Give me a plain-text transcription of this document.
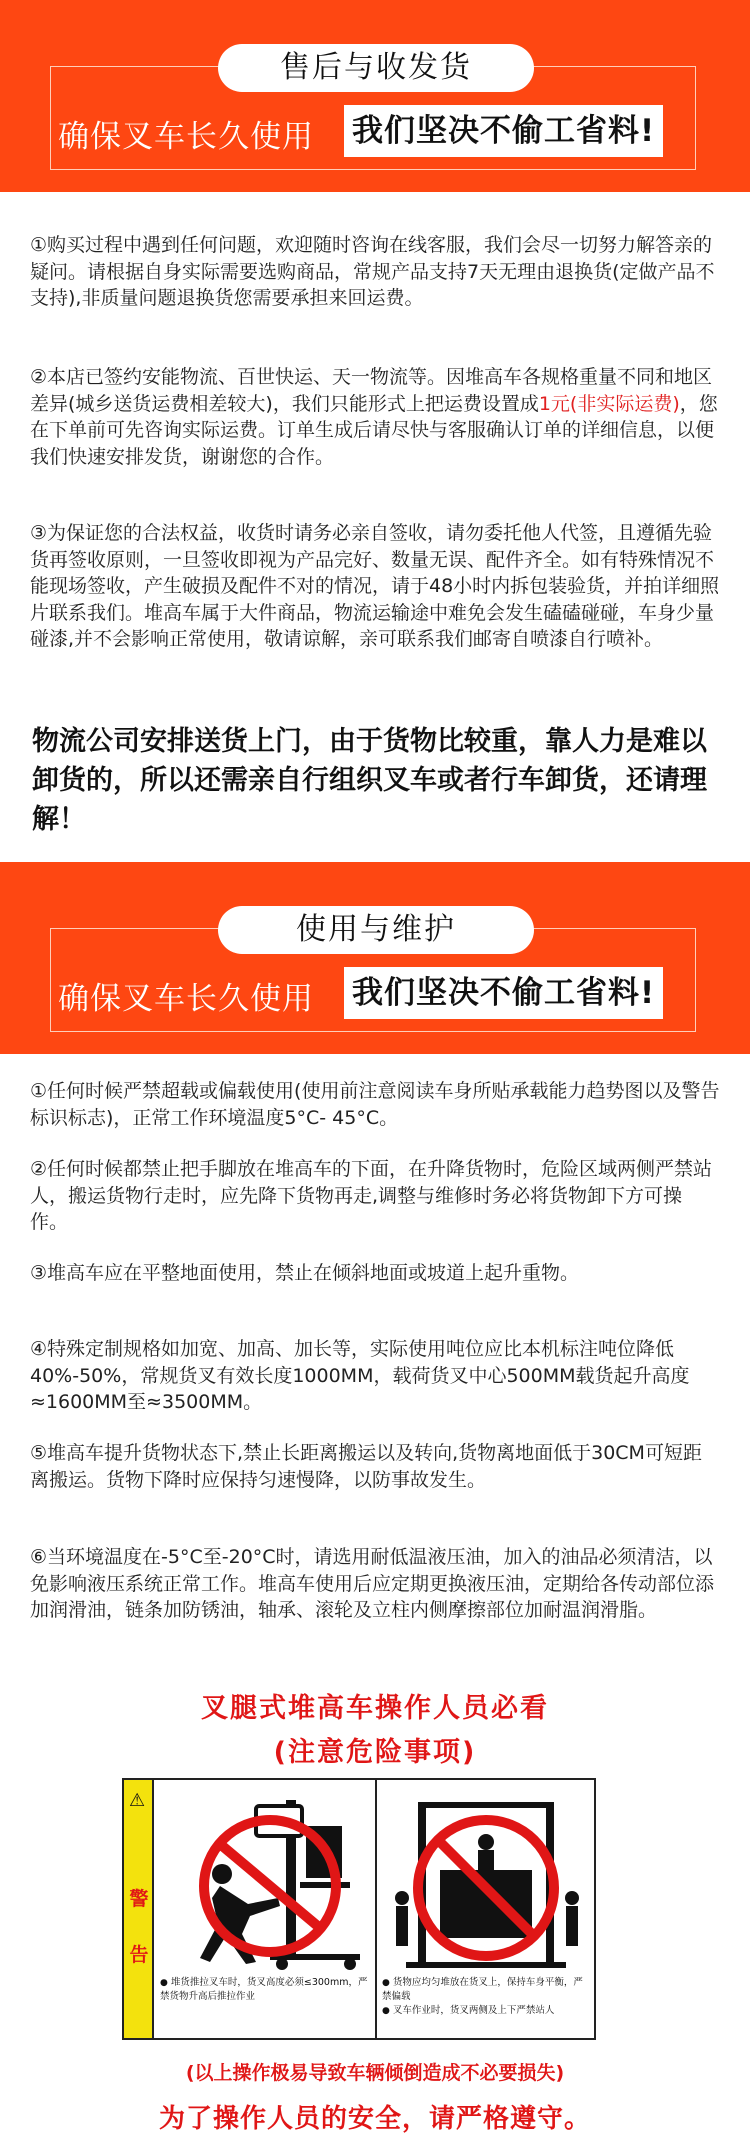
售后与收发货
确保叉车长久使用 我们坚决不偷工省料!
①购买过程中遇到任何问题，欢迎随时咨询在线客服，我们会尽一切努力解答亲的疑问。请根据自身实际需要选购商品，常规产品支持7天无理由退换货(定做产品不支持),非质量问题退换货您需要承担来回运费。
②本店已签约安能物流、百世快运、天一物流等。因堆高车各规格重量不同和地区差异(城乡送货运费相差较大)，我们只能形式上把运费设置成1元(非实际运费)，您在下单前可先咨询实际运费。订单生成后请尽快与客服确认订单的详细信息，以便我们快速安排发货，谢谢您的合作。
③为保证您的合法权益，收货时请务必亲自签收，请勿委托他人代签，且遵循先验货再签收原则，一旦签收即视为产品完好、数量无误、配件齐全。如有特殊情况不能现场签收，产生破损及配件不对的情况，请于48小时内拆包装验货，并拍详细照片联系我们。堆高车属于大件商品，物流运输途中难免会发生磕磕碰碰，车身少量碰漆,并不会影响正常使用，敬请谅解，亲可联系我们邮寄自喷漆自行喷补。
物流公司安排送货上门，由于货物比较重，靠人力是难以卸货的，所以还需亲自行组织叉车或者行车卸货，还请理解！
使用与维护
确保叉车长久使用 我们坚决不偷工省料!
①任何时候严禁超载或偏载使用(使用前注意阅读车身所贴承载能力趋势图以及警告标识标志)，正常工作环境温度5°C- 45°C。
②任何时候都禁止把手脚放在堆高车的下面，在升降货物时，危险区域两侧严禁站人，搬运货物行走时，应先降下货物再走,调整与维修时务必将货物卸下方可操作。
③堆高车应在平整地面使用，禁止在倾斜地面或坡道上起升重物。
④特殊定制规格如加宽、加高、加长等，实际使用吨位应比本机标注吨位降低40%-50%，常规货叉有效长度1000MM，载荷货叉中心500MM载货起升高度≈1600MM至≈3500MM。
⑤堆高车提升货物状态下,禁止长距离搬运以及转向,货物离地面低于30CM可短距离搬运。货物下降时应保持匀速慢降，以防事故发生。
⑥当环境温度在-5°C至-20°C时，请选用耐低温液压油，加入的油品必须清洁，以免影响液压系统正常工作。堆高车使用后应定期更换液压油，定期给各传动部位添加润滑油，链条加防锈油，轴承、滚轮及立柱内侧摩擦部位加耐温润滑脂。
叉腿式堆高车操作人员必看
(注意危险事项)
⚠
警
告
● 堆货推拉叉车时，货叉高度必须≤300mm，严禁货物升高后推拉作业
● 货物应均匀堆放在货叉上，保持车身平衡，严禁偏载
● 叉车作业时，货叉两侧及上下严禁站人
(以上操作极易导致车辆倾倒造成不必要损失)
为了操作人员的安全，请严格遵守。
